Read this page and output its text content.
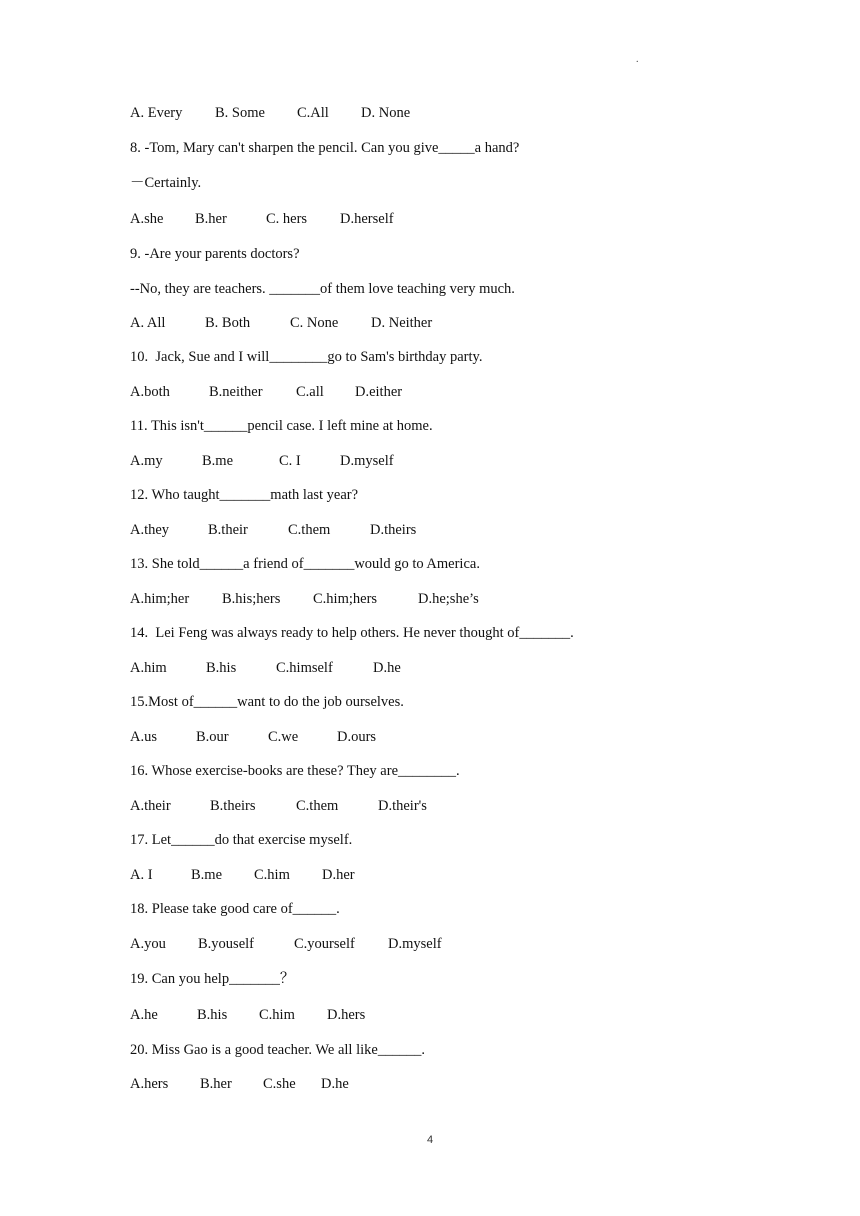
.
A. Every B. Some C.All D. None
8. -Tom, Mary can't sharpen the pencil. Can you give_____a hand?
－Certainly.
A.she B.her	C. hers D.herself
9. -Are your parents doctors?
--No, they are teachers. _______of them love teaching very much.
A. All	B. Both	C. None D. Neither
10.  Jack, Sue and I will________go to Sam's birthday party.
A.both	B.neither C.all D.either
11. This isn't______pencil case. I left mine at home.
A.my	B.me	C. I	D.myself
12. Who taught_______math last year?
A.they	B.their	C.them	D.theirs
13. She told______a friend of_______would go to America.
A.him;her B.his;hers C.him;hers	D.he;she’s
14.  Lei Feng was always ready to help others. He never thought of_______.
A.him	B.his	C.himself	D.he
15.Most of______want to do the job ourselves.
A.us	B.our	C.we	D.ours
16. Whose exercise-books are these? They are________.
A.their	B.theirs	C.them	D.their's
17. Let______do that exercise myself.
A. I	B.me C.him D.her
18. Please take good care of______.
A.you B.youself	C.yourself D.myself
19. Can you help_______？
A.he	B.his C.him D.hers
20. Miss Gao is a good teacher. We all like______.
A.hers B.her C.she D.he
4
